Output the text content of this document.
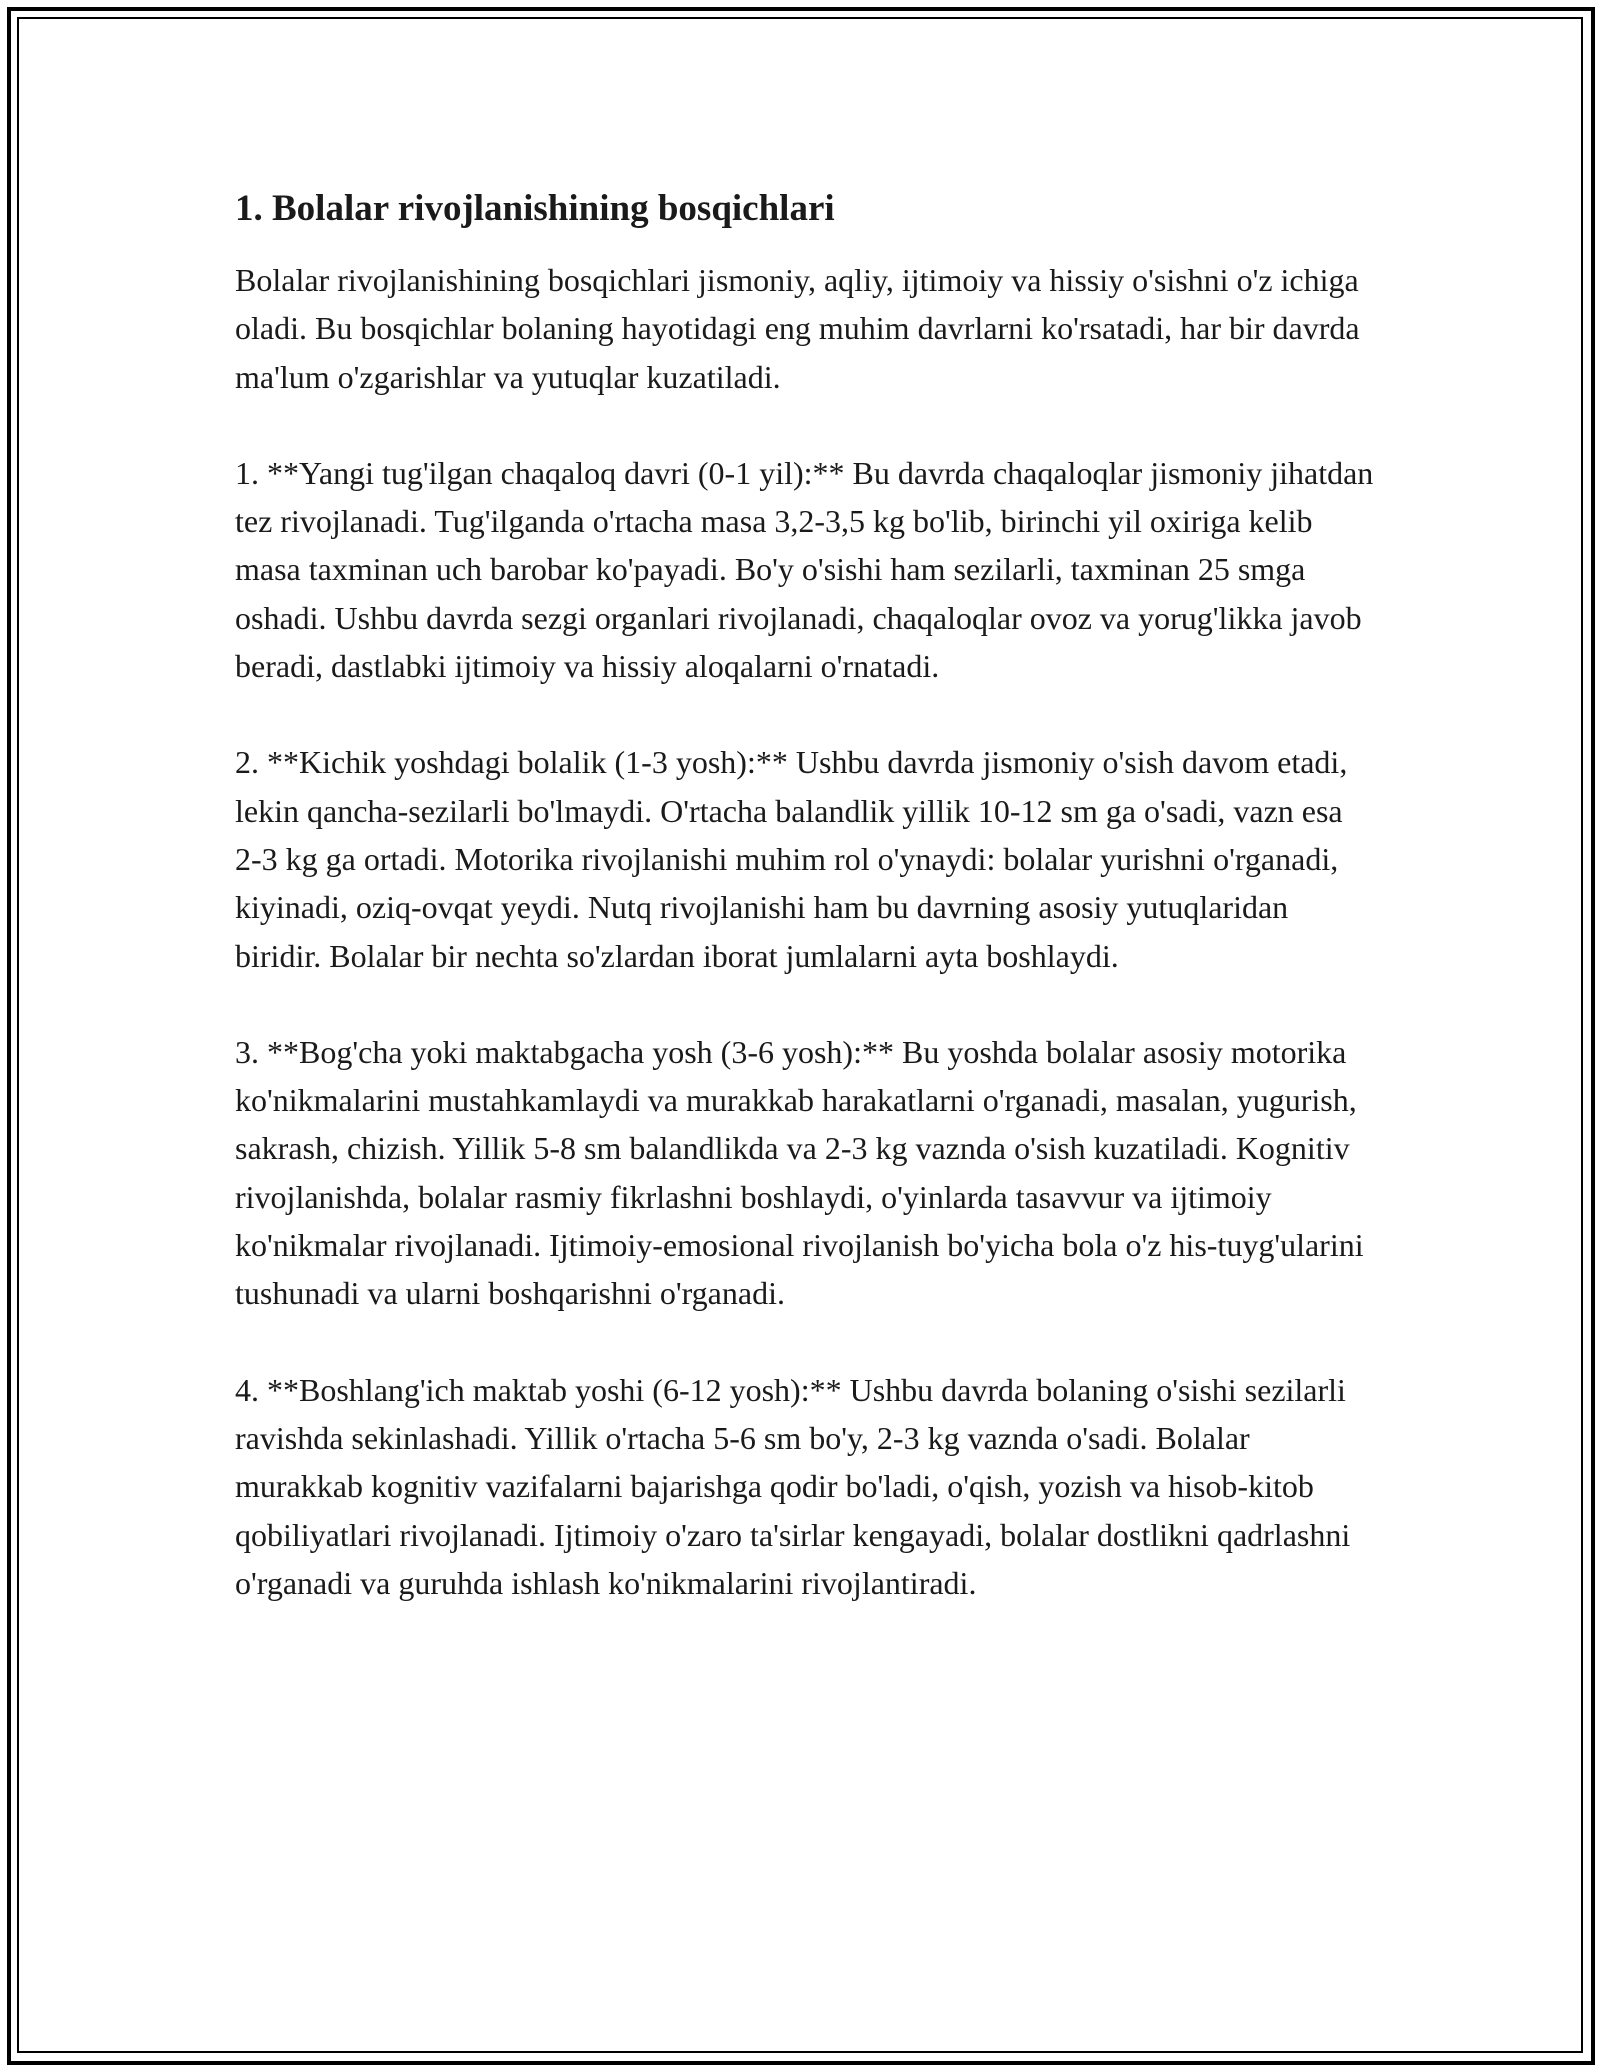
1. Bolalar rivojlanishining bosqichlari

Bolalar rivojlanishining bosqichlari jismoniy, aqliy, ijtimoiy va hissiy o'sishni o'z ichiga oladi. Bu bosqichlar bolaning hayotidagi eng muhim davrlarni ko'rsatadi, har bir davrda ma'lum o'zgarishlar va yutuqlar kuzatiladi.

1. **Yangi tug'ilgan chaqaloq davri (0-1 yil):** Bu davrda chaqaloqlar jismoniy jihatdan tez rivojlanadi. Tug'ilganda o'rtacha masa 3,2-3,5 kg bo'lib, birinchi yil oxiriga kelib masa taxminan uch barobar ko'payadi. Bo'y o'sishi ham sezilarli, taxminan 25 smga oshadi. Ushbu davrda sezgi organlari rivojlanadi, chaqaloqlar ovoz va yorug'likka javob beradi, dastlabki ijtimoiy va hissiy aloqalarni o'rnatadi.

2. **Kichik yoshdagi bolalik (1-3 yosh):** Ushbu davrda jismoniy o'sish davom etadi, lekin qancha-sezilarli bo'lmaydi. O'rtacha balandlik yillik 10-12 sm ga o'sadi, vazn esa 2-3 kg ga ortadi. Motorika rivojlanishi muhim rol o'ynaydi: bolalar yurishni o'rganadi, kiyinadi, oziq-ovqat yeydi. Nutq rivojlanishi ham bu davrning asosiy yutuqlaridan biridir. Bolalar bir nechta so'zlardan iborat jumlalarni ayta boshlaydi.

3. **Bog'cha yoki maktabgacha yosh (3-6 yosh):** Bu yoshda bolalar asosiy motorika ko'nikmalarini mustahkamlaydi va murakkab harakatlarni o'rganadi, masalan, yugurish, sakrash, chizish. Yillik 5-8 sm balandlikda va 2-3 kg vaznda o'sish kuzatiladi. Kognitiv rivojlanishda, bolalar rasmiy fikrlashni boshlaydi, o'yinlarda tasavvur va ijtimoiy ko'nikmalar rivojlanadi. Ijtimoiy-emosional rivojlanish bo'yicha bola o'z his-tuyg'ularini tushunadi va ularni boshqarishni o'rganadi.

4. **Boshlang'ich maktab yoshi (6-12 yosh):** Ushbu davrda bolaning o'sishi sezilarli ravishda sekinlashadi. Yillik o'rtacha 5-6 sm bo'y, 2-3 kg vaznda o'sadi. Bolalar murakkab kognitiv vazifalarni bajarishga qodir bo'ladi, o'qish, yozish va hisob-kitob qobiliyatlari rivojlanadi. Ijtimoiy o'zaro ta'sirlar kengayadi, bolalar dostlikni qadrlashni o'rganadi va guruhda ishlash ko'nikmalarini rivojlantiradi.
